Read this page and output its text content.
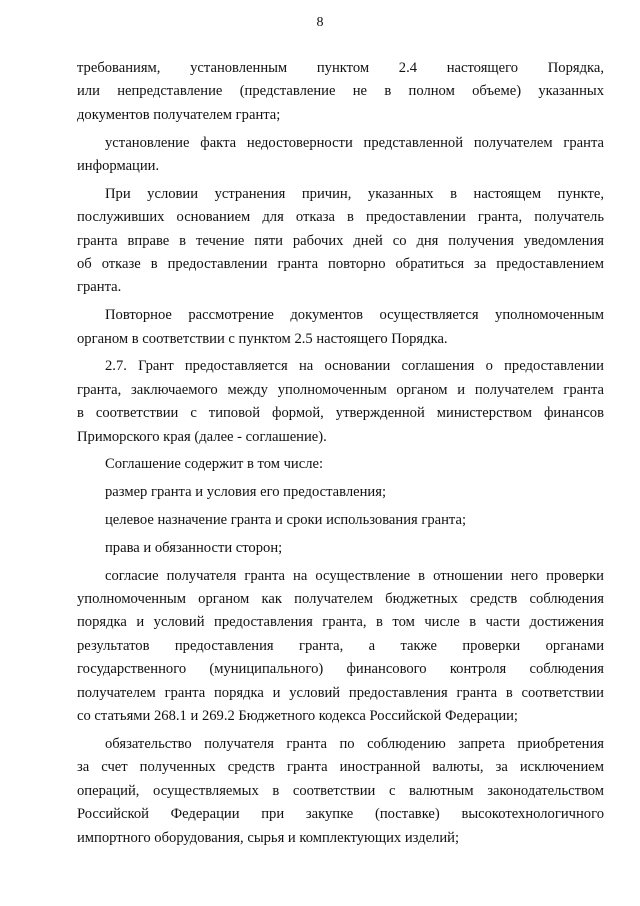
8
требованиям, установленным пунктом 2.4 настоящего Порядка,
или непредставление (представление не в полном объеме) указанных
документов получателем гранта;
установление факта недостоверности представленной получателем гранта
информации.
При условии устранения причин, указанных в настоящем пункте,
послуживших основанием для отказа в предоставлении гранта, получатель
гранта вправе в течение пяти рабочих дней со дня получения уведомления
об отказе в предоставлении гранта повторно обратиться за предоставлением
гранта.
Повторное рассмотрение документов осуществляется уполномоченным
органом в соответствии с пунктом 2.5 настоящего Порядка.
2.7. Грант предоставляется на основании соглашения о предоставлении
гранта, заключаемого между уполномоченным органом и получателем гранта
в соответствии с типовой формой, утвержденной министерством финансов
Приморского края (далее - соглашение).
Соглашение содержит в том числе:
размер гранта и условия его предоставления;
целевое назначение гранта и сроки использования гранта;
права и обязанности сторон;
согласие получателя гранта на осуществление в отношении него проверки
уполномоченным органом как получателем бюджетных средств соблюдения
порядка и условий предоставления гранта, в том числе в части достижения
результатов предоставления гранта, а также проверки органами
государственного (муниципального) финансового контроля соблюдения
получателем гранта порядка и условий предоставления гранта в соответствии
со статьями 268.1 и 269.2 Бюджетного кодекса Российской Федерации;
обязательство получателя гранта по соблюдению запрета приобретения
за счет полученных средств гранта иностранной валюты, за исключением
операций, осуществляемых в соответствии с валютным законодательством
Российской Федерации при закупке (поставке) высокотехнологичного
импортного оборудования, сырья и комплектующих изделий;
